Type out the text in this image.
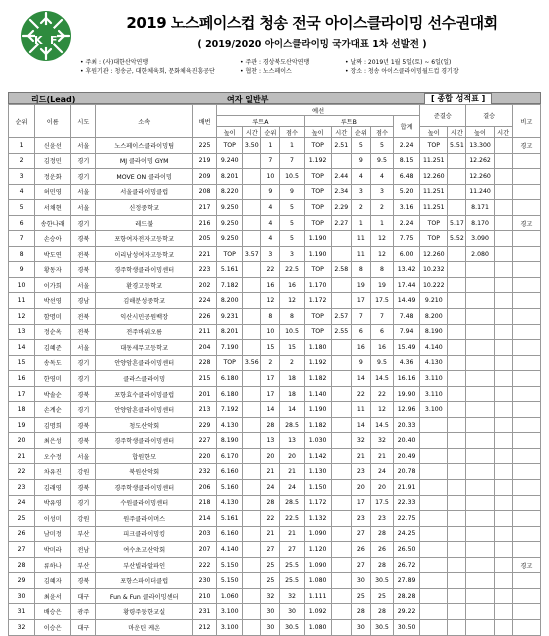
K F
2019 노스페이스컵 청송 전국 아이스클라이밍 선수권대회
( 2019/2020 아이스클라이밍 국가대표 1차 선발전 )
• 주최 : (사)대한산악연맹	• 주관 : 경상북도산악연맹	• 날짜 : 2019년 1월 5일(토) ~ 6일(일)
• 후원기관 : 청송군, 대한체육회, 문화체육진흥공단	• 협찬 : 노스페이스	• 장소 : 청송 아이스클라이밍월드컵 경기장
리드(Lead)	여자 일반부	[ 종합 성적표 ]
순위	이름	시도	소속	배번	예선									준결승		결승		비고
					루트A				루트B				합계					
					높이	시간	순위	점수	높이	시간	순위	점수		높이	시간	높이	시간	
1	신윤선	서울	노스페이스클라이밍팀	225	TOP	3.50	1	1	TOP	2.51	5	5	2.24	TOP	5.51	13.300		경고
2	김정민	경기	MJ 클라이밍 GYM	219	9.240		7	7	1.192		9	9.5	8.15	11.251		12.262		
3	정운화	경기	MOVE ON 클라이밍	209	8.201		10	10.5	TOP	2.44	4	4	6.48	12.260		12.260		
4	허민영	서울	서울클라이밍클럽	208	8.220		9	9	TOP	2.34	3	3	5.20	11.251		11.240		
5	서채현	서울	신정중학교	217	9.250		4	5	TOP	2.29	2	2	3.16	11.251		8.171		
6	송한나래	경기	레드불	216	9.250		4	5	TOP	2.27	1	1	2.24	TOP	5.17	8.170		경고
7	손승아	경북	포항여자전자고등학교	205	9.250		4	5	1.190		11	12	7.75	TOP	5.52	3.090		
8	박도연	전북	이리남성여자고등학교	221	TOP	3.57	3	3	1.190		11	12	6.00	12.260		2.080		
9	황동자	경북	경주학생클라이밍센터	223	5.161		22	22.5	TOP	2.58	8	8	13.42	10.232				
10	이가희	서울	환경고등학교	202	7.182		16	16	1.170		19	19	17.44	10.222				
11	박선영	경남	김해분성중학교	224	8.200		12	12	1.172		17	17.5	14.49	9.210				
12	함명미	전북	익산시민공원백장	226	9.231		8	8	TOP	2.57	7	7	7.48	8.200				
13	정순옥	전북	전주바위오름	211	8.201		10	10.5	TOP	2.55	6	6	7.94	8.190				
14	김혜준	서울	대동세무고등학교	204	7.190		15	15	1.180		16	16	15.49	4.140				
15	송독도	경기	안양암흔클라이밍센터	228	TOP	3.56	2	2	1.192		9	9.5	4.36	4.130				
16	한영미	경기	클라스클라이밍	215	6.180		17	18	1.182		14	14.5	16.16	3.110				
17	박솔순	경북	포항효수클라이밍클럽	201	6.180		17	18	1.140		22	22	19.90	3.110				
18	손계순	경기	안양암흔클라이밍센터	213	7.192		14	14	1.190		11	12	12.96	3.100				
19	김명희	경북	청도산악회	229	4.130		28	28.5	1.182		14	14.5	20.33					
20	최은성	경북	경주학생클라이밍센터	227	8.190		13	13	1.030		32	32	20.40					
21	오수정	서울	합원한모	220	6.170		20	20	1.142		21	21	20.49					
22	차유진	강원	북원산악회	232	6.160		21	21	1.130		23	24	20.78					
23	김래영	경북	경주학생클라이밍센터	206	5.160		24	24	1.150		20	20	21.91					
24	박유영	경기	수원클라이밍센터	218	4.130		28	28.5	1.172		17	17.5	22.33					
25	이성미	강원	원주클라이머스	214	5.161		22	22.5	1.132		23	23	22.75					
26	남미정	부산	피크클라이밍킹	203	6.160		21	21	1.090		27	28	24.25					
27	박미라	전남	여수초고산악회	207	4.140		27	27	1.120		26	26	26.50					
28	류하나	부산	부산빌라알파인	222	5.150		25	25.5	1.090		27	28	26.72					경고
29	김혜자	경북	포항스파이더클럽	230	5.150		25	25.5	1.080		30	30.5	27.89					
30	최윤서	대구	Fun & Fun 클라이밍센터	210	1.060		32	32	1.111		25	25	28.28					
31	배승은	광주	황령주둥한교실	231	3.100		30	30	1.092		28	28	29.22					
32	이승은	대구	마운틴 케온	212	3.100		30	30.5	1.080		30	30.5	30.50					
